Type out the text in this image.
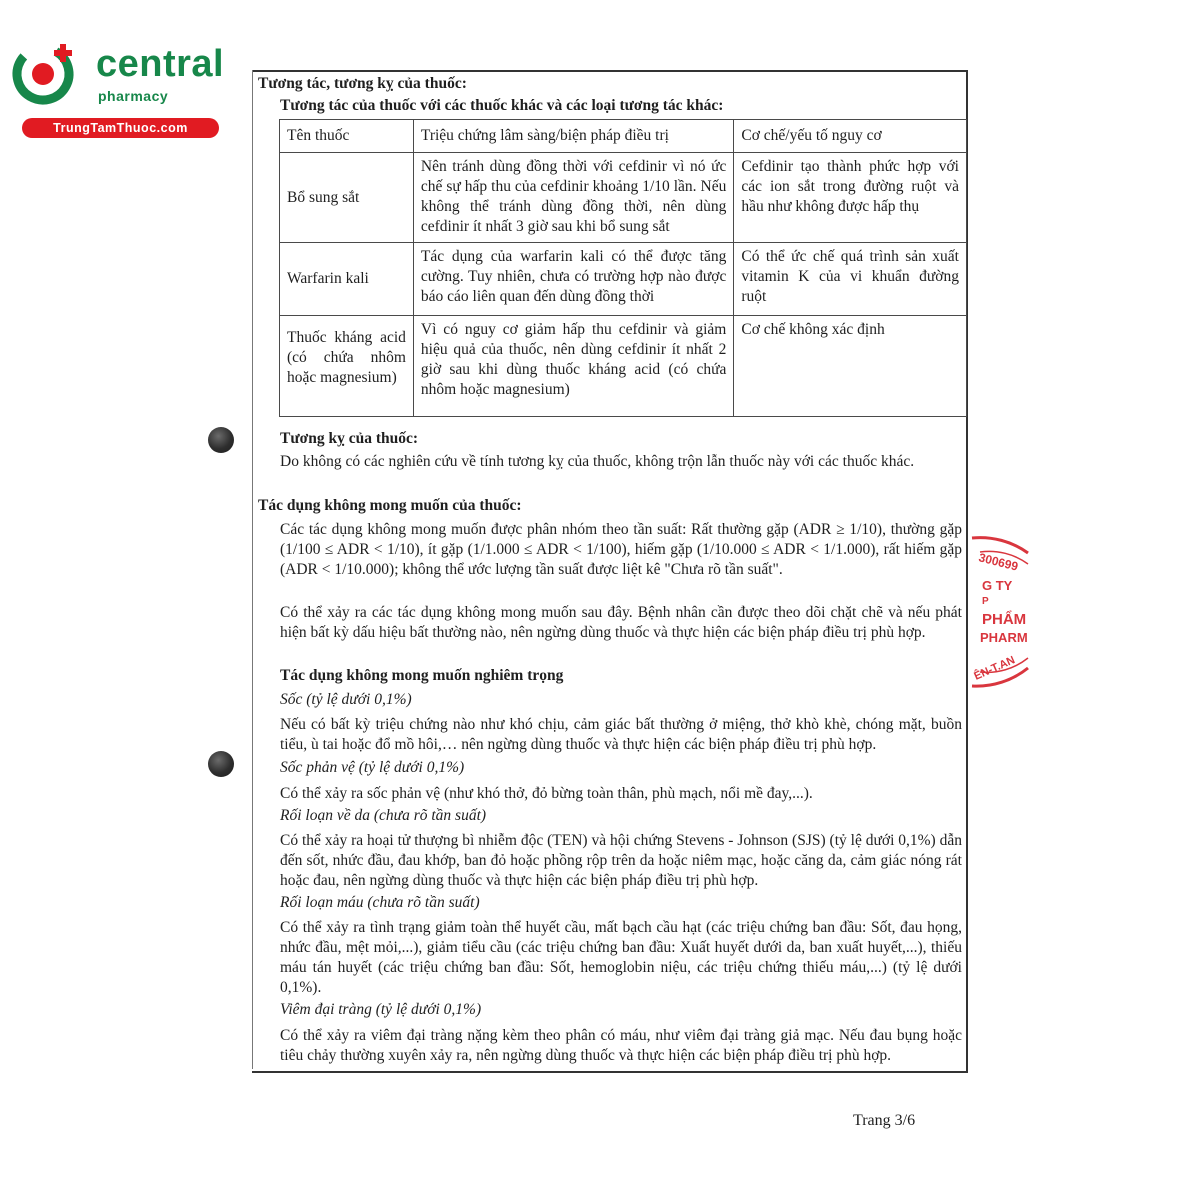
central
pharmacy
TrungTamThuoc.com
300699
G TY
P
PHẨM
PHARM
ÊN-T.AN
Tương tác, tương kỵ của thuốc:
Tương tác của thuốc với các thuốc khác và các loại tương tác khác:
Tên thuốc	Triệu chứng lâm sàng/biện pháp điều trị	Cơ chế/yếu tố nguy cơ
Bổ sung sắt	Nên tránh dùng đồng thời với cefdinir vì nó ức chế sự hấp thu của cefdinir khoảng 1/10 lần. Nếu không thể tránh dùng đồng thời, nên dùng cefdinir ít nhất 3 giờ sau khi bổ sung sắt	Cefdinir tạo thành phức hợp với các ion sắt trong đường ruột và hầu như không được hấp thụ
Warfarin kali	Tác dụng của warfarin kali có thể được tăng cường. Tuy nhiên, chưa có trường hợp nào được báo cáo liên quan đến dùng đồng thời	Có thể ức chế quá trình sản xuất vitamin K của vi khuẩn đường ruột
Thuốc kháng acid (có chứa nhôm hoặc magnesium)	Vì có nguy cơ giảm hấp thu cefdinir và giảm hiệu quả của thuốc, nên dùng cefdinir ít nhất 2 giờ sau khi dùng thuốc kháng acid (có chứa nhôm hoặc magnesium)	Cơ chế không xác định
Tương kỵ của thuốc:
Do không có các nghiên cứu về tính tương kỵ của thuốc, không trộn lẫn thuốc này với các thuốc khác.
Tác dụng không mong muốn của thuốc:
Các tác dụng không mong muốn được phân nhóm theo tần suất: Rất thường gặp (ADR ≥ 1/10), thường gặp (1/100 ≤ ADR < 1/10), ít gặp (1/1.000 ≤ ADR < 1/100), hiếm gặp (1/10.000 ≤ ADR < 1/1.000), rất hiếm gặp (ADR < 1/10.000); không thể ước lượng tần suất được liệt kê "Chưa rõ tần suất".
Có thể xảy ra các tác dụng không mong muốn sau đây. Bệnh nhân cần được theo dõi chặt chẽ và nếu phát hiện bất kỳ dấu hiệu bất thường nào, nên ngừng dùng thuốc và thực hiện các biện pháp điều trị phù hợp.
Tác dụng không mong muốn nghiêm trọng
Sốc (tỷ lệ dưới 0,1%)
Nếu có bất kỳ triệu chứng nào như khó chịu, cảm giác bất thường ở miệng, thở khò khè, chóng mặt, buồn tiểu, ù tai hoặc đổ mồ hôi,… nên ngừng dùng thuốc và thực hiện các biện pháp điều trị phù hợp.
Sốc phản vệ (tỷ lệ dưới 0,1%)
Có thể xảy ra sốc phản vệ (như khó thở, đỏ bừng toàn thân, phù mạch, nổi mề đay,...).
Rối loạn về da (chưa rõ tần suất)
Có thể xảy ra hoại tử thượng bì nhiễm độc (TEN) và hội chứng Stevens - Johnson (SJS) (tỷ lệ dưới 0,1%) dẫn đến sốt, nhức đầu, đau khớp, ban đỏ hoặc phồng rộp trên da hoặc niêm mạc, hoặc căng da, cảm giác nóng rát hoặc đau, nên ngừng dùng thuốc và thực hiện các biện pháp điều trị phù hợp.
Rối loạn máu (chưa rõ tần suất)
Có thể xảy ra tình trạng giảm toàn thể huyết cầu, mất bạch cầu hạt (các triệu chứng ban đầu: Sốt, đau họng, nhức đầu, mệt mỏi,...), giảm tiểu cầu (các triệu chứng ban đầu: Xuất huyết dưới da, ban xuất huyết,...), thiếu máu tán huyết (các triệu chứng ban đầu: Sốt, hemoglobin niệu, các triệu chứng thiếu máu,...) (tỷ lệ dưới 0,1%).
Viêm đại tràng (tỷ lệ dưới 0,1%)
Có thể xảy ra viêm đại tràng nặng kèm theo phân có máu, như viêm đại tràng giả mạc. Nếu đau bụng hoặc tiêu chảy thường xuyên xảy ra, nên ngừng dùng thuốc và thực hiện các biện pháp điều trị phù hợp.
Trang 3/6
